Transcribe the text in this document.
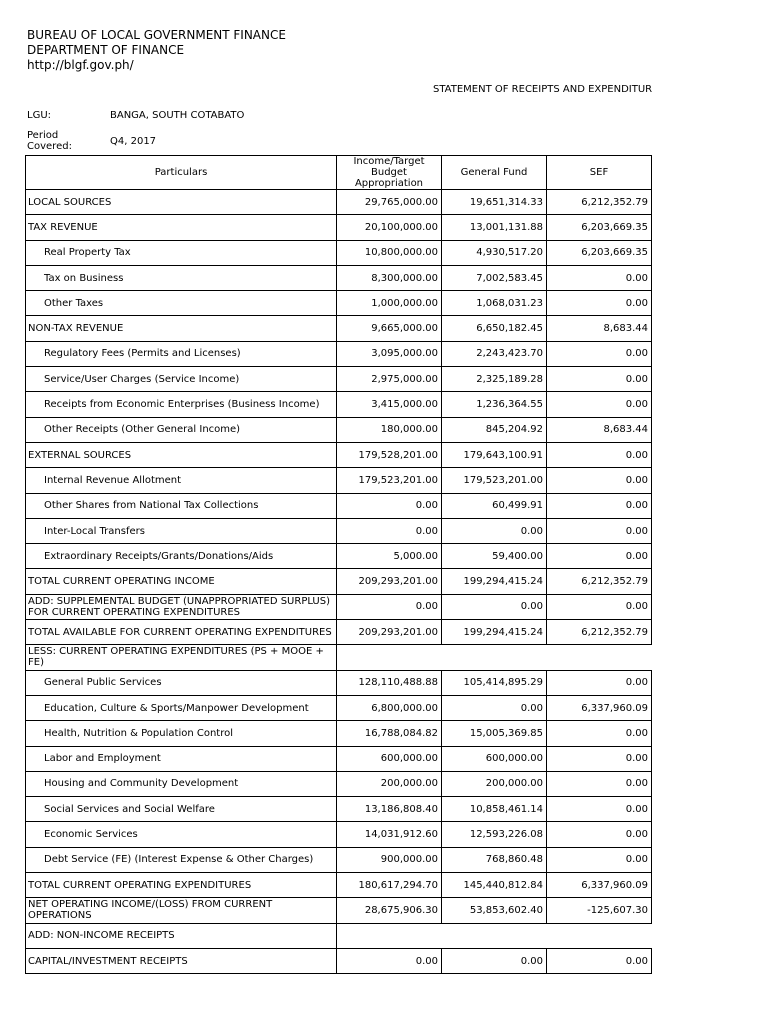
BUREAU OF LOCAL GOVERNMENT FINANCE
DEPARTMENT OF FINANCE
http://blgf.gov.ph/
STATEMENT OF RECEIPTS AND EXPENDITUR
LGU:	BANGA, SOUTH COTABATO
Period Covered:	Q4, 2017
Particulars	Income/Target Budget Appropriation	General Fund	SEF
LOCAL SOURCES	29,765,000.00	19,651,314.33	6,212,352.79
TAX REVENUE	20,100,000.00	13,001,131.88	6,203,669.35
Real Property Tax	10,800,000.00	4,930,517.20	6,203,669.35
Tax on Business	8,300,000.00	7,002,583.45	0.00
Other Taxes	1,000,000.00	1,068,031.23	0.00
NON-TAX REVENUE	9,665,000.00	6,650,182.45	8,683.44
Regulatory Fees (Permits and Licenses)	3,095,000.00	2,243,423.70	0.00
Service/User Charges (Service Income)	2,975,000.00	2,325,189.28	0.00
Receipts from Economic Enterprises (Business Income)	3,415,000.00	1,236,364.55	0.00
Other Receipts (Other General Income)	180,000.00	845,204.92	8,683.44
EXTERNAL SOURCES	179,528,201.00	179,643,100.91	0.00
Internal Revenue Allotment	179,523,201.00	179,523,201.00	0.00
Other Shares from National Tax Collections	0.00	60,499.91	0.00
Inter-Local Transfers	0.00	0.00	0.00
Extraordinary Receipts/Grants/Donations/Aids	5,000.00	59,400.00	0.00
TOTAL CURRENT OPERATING INCOME	209,293,201.00	199,294,415.24	6,212,352.79
ADD: SUPPLEMENTAL BUDGET (UNAPPROPRIATED SURPLUS) FOR CURRENT OPERATING EXPENDITURES	0.00	0.00	0.00
TOTAL AVAILABLE FOR CURRENT OPERATING EXPENDITURES	209,293,201.00	199,294,415.24	6,212,352.79
LESS: CURRENT OPERATING EXPENDITURES (PS + MOOE + FE)			
General Public Services	128,110,488.88	105,414,895.29	0.00
Education, Culture & Sports/Manpower Development	6,800,000.00	0.00	6,337,960.09
Health, Nutrition & Population Control	16,788,084.82	15,005,369.85	0.00
Labor and Employment	600,000.00	600,000.00	0.00
Housing and Community Development	200,000.00	200,000.00	0.00
Social Services and Social Welfare	13,186,808.40	10,858,461.14	0.00
Economic Services	14,031,912.60	12,593,226.08	0.00
Debt Service (FE) (Interest Expense & Other Charges)	900,000.00	768,860.48	0.00
TOTAL CURRENT OPERATING EXPENDITURES	180,617,294.70	145,440,812.84	6,337,960.09
NET OPERATING INCOME/(LOSS) FROM CURRENT OPERATIONS	28,675,906.30	53,853,602.40	-125,607.30
ADD: NON-INCOME RECEIPTS			
CAPITAL/INVESTMENT RECEIPTS	0.00	0.00	0.00
